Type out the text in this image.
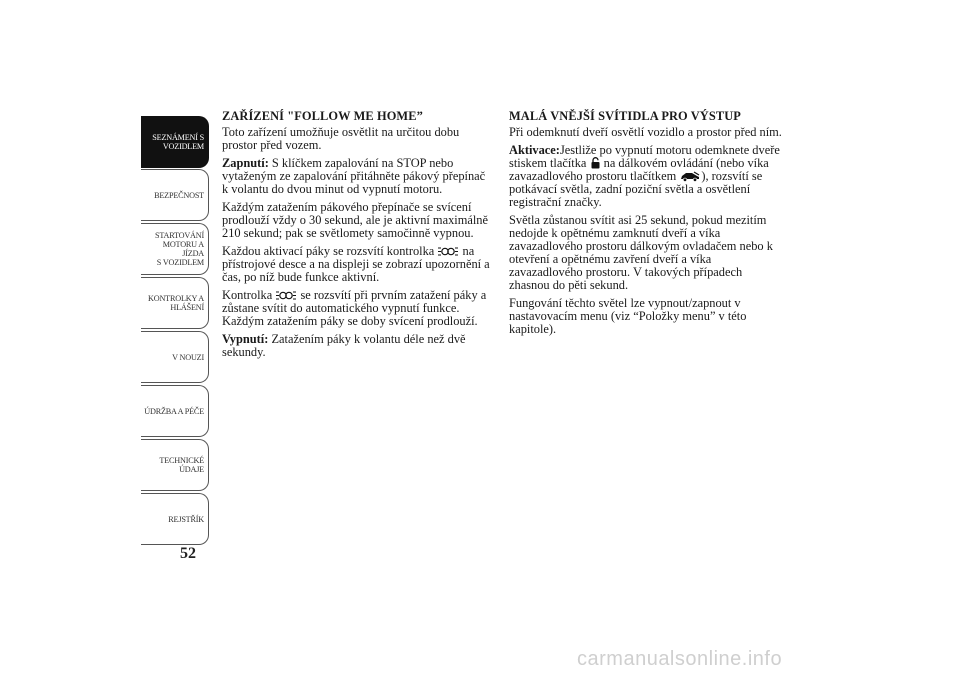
SEZNÁMENÍ S
VOZIDLEM
BEZPEČNOST
STARTOVÁNÍ
MOTORU A JÍZDA
S VOZIDLEM
KONTROLKY A
HLÁŠENÍ
V NOUZI
ÚDRŽBA A PÉČE
TECHNICKÉ
ÚDAJE
REJSTŘÍK
52
ZAŘÍZENÍ "FOLLOW ME HOME”

Toto zařízení umožňuje osvětlit na určitou dobu prostor před vozem.

Zapnutí: S klíčkem zapalování na STOP nebo vytaženým ze zapalování přitáhněte pákový přepínač k volantu do dvou minut od vypnutí motoru.

Každým zatažením pákového přepínače se svícení prodlouží vždy o 30 sekund, ale je aktivní maximálně 210 sekund; pak se světlomety samočinně vypnou.

Každou aktivací páky se rozsvítí kontrolka  na přístrojové desce a na displeji se zobrazí upozornění a čas, po níž bude funkce aktivní.

Kontrolka  se rozsvítí při prvním zatažení páky a zůstane svítit do automatického vypnutí funkce. Každým zatažením páky se doby svícení prodlouží.

Vypnutí: Zatažením páky k volantu déle než dvě sekundy.

MALÁ VNĚJŠÍ SVÍTIDLA PRO VÝSTUP

Při odemknutí dveří osvětlí vozidlo a prostor před ním.

Aktivace:Jestliže po vypnutí motoru odemknete dveře stiskem tlačítka  na dálkovém ovládání (nebo víka zavazadlového prostoru tlačítkem ), rozsvítí se potkávací světla, zadní poziční světla a osvětlení registrační značky.

Světla zůstanou svítit asi 25 sekund, pokud mezitím nedojde k opětnému zamknutí dveří a víka zavazadlového prostoru dálkovým ovladačem nebo k otevření a opětnému zavření dveří a víka zavazadlového prostoru. V takových případech zhasnou do pěti sekund.

Fungování těchto světel lze vypnout/zapnout v nastavovacím menu (viz “Položky menu” v této kapitole).

carmanualsonline.info
